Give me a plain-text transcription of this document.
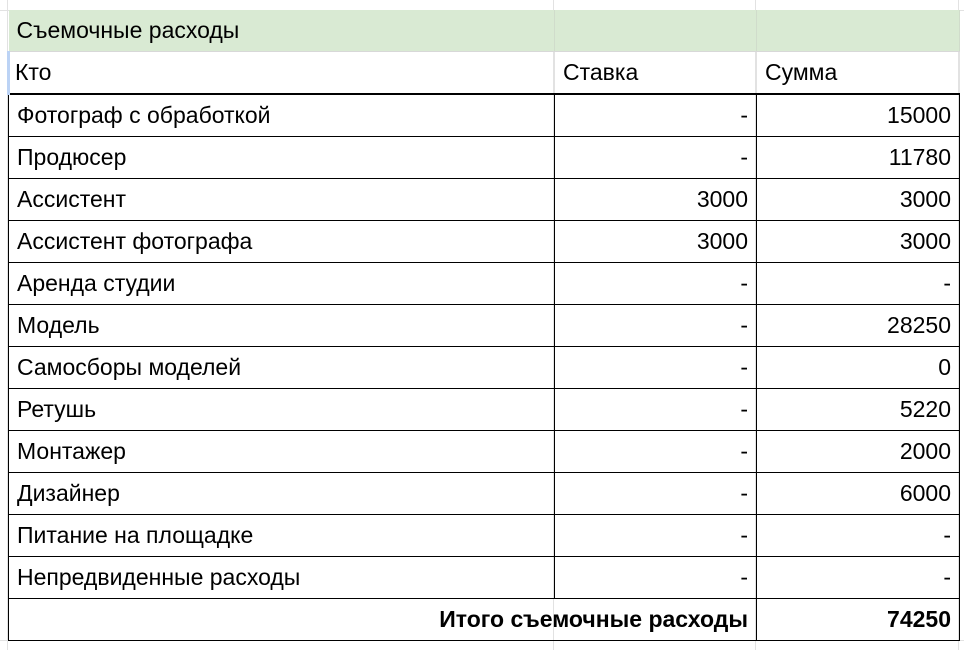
Съемочные расходы		
Кто	Ставка	Сумма
Фотограф с обработкой	-	15000
Продюсер	-	11780
Ассистент	3000	3000
Ассистент фотографа	3000	3000
Аренда студии	-	-
Модель	-	28250
Самосборы моделей	-	0
Ретушь	-	5220
Монтажер	-	2000
Дизайнер	-	6000
Питание на площадке	-	-
Непредвиденные расходы	-	-
Итого съемочные расходы		74250
